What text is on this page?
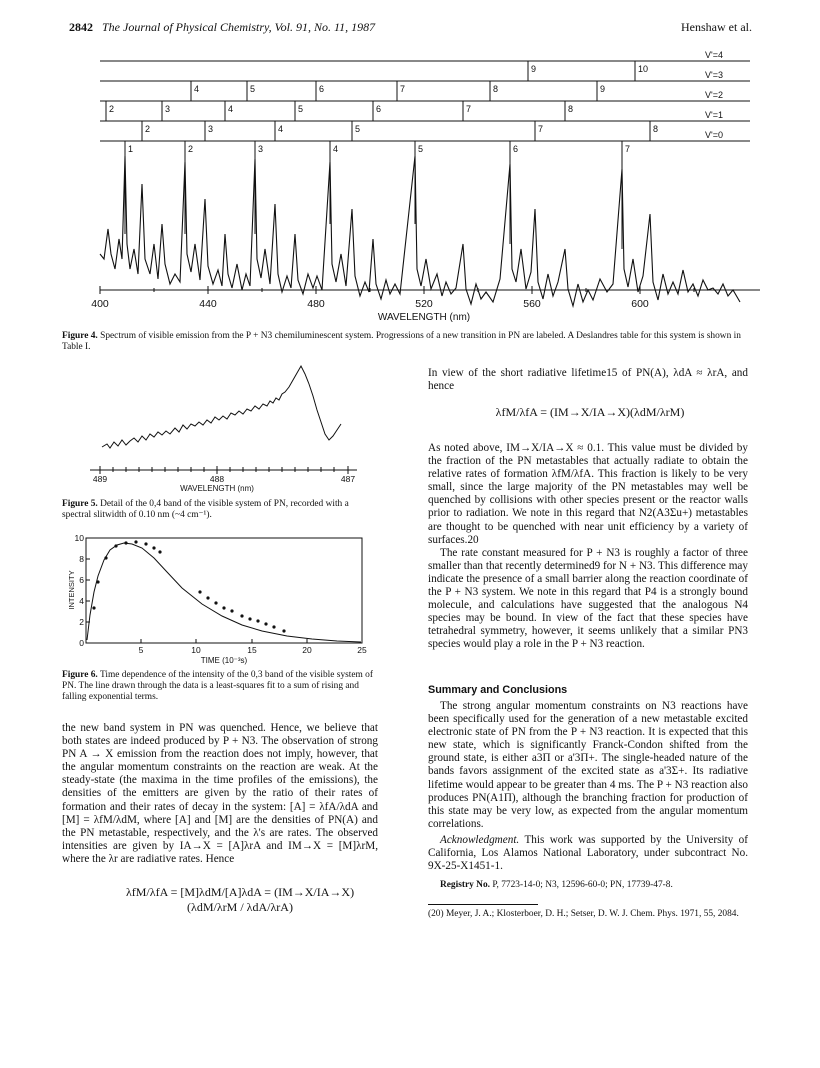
2842 The Journal of Physical Chemistry, Vol. 91, No. 11, 1987	Henshaw et al.
V'=4
V'=3
V'=2
V'=1
V'=0
9	10
4	5	6	7	8	9
2	3	4	5	6	7	8
2	3	4	5	7	8
1	2	3	4	5	6	7
400	440	480	520	560	600
WAVELENGTH (nm)
Figure 4. Spectrum of visible emission from the P + N3 chemiluminescent system. Progressions of a new transition in PN are labeled. A Deslandres table for this system is shown in Table I.
489	488	487
WAVELENGTH (nm)
Figure 5. Detail of the 0,4 band of the visible system of PN, recorded with a spectral slitwidth of 0.10 nm (~4 cm⁻¹).
10
8
6
4
2
0
5	10	15	20	25
TIME (10⁻³s)
INTENSITY
Figure 6. Time dependence of the intensity of the 0,3 band of the visible system of PN. The line drawn through the data is a least-squares fit to a sum of rising and falling exponential terms.

the new band system in PN was quenched. Hence, we believe that both states are indeed produced by P + N3. The observation of strong PN A → X emission from the reaction does not imply, however, that the angular momentum constraints on the reaction are weak. At the steady-state (the maxima in the time profiles of the emissions), the densities of the emitters are given by the ratio of their rates of formation and their rates of decay in the system: [A] = λfA/λdA and [M] = λfM/λdM, where [A] and [M] are the densities of PN(A) and the PN metastable, respectively, and the λ's are rates. The observed intensities are given by IA→X = [A]λrA and IM→X = [M]λrM, where the λr are radiative rates. Hence

λfM/λfA = [M]λdM/[A]λdA = (IM→X/IA→X)(λdM/λrM / λdA/λrA)

In view of the short radiative lifetime15 of PN(A), λdA ≈ λrA, and hence

λfM/λfA = (IM→X/IA→X)(λdM/λrM)

As noted above, IM→X/IA→X ≈ 0.1. This value must be divided by the fraction of the PN metastables that actually radiate to obtain the relative rates of formation λfM/λfA. This fraction is likely to be very small, since the large majority of the PN metastables may well be quenched by collisions with other species present or the reactor walls prior to radiation. We note in this regard that N2(A3Σu+) metastables are thought to be quenched with near unit efficiency by a variety of surfaces.20

The rate constant measured for P + N3 is roughly a factor of three smaller than that recently determined9 for N + N3. This difference may indicate the presence of a small barrier along the reaction coordinate of the P + N3 system. We note in this regard that P4 is a strongly bound molecule, and calculations have suggested that the analogous N4 species may be bound. In view of the fact that these species have tetrahedral symmetry, however, it seems unlikely that a similar PN3 species would play a role in the P + N3 reaction.

Summary and Conclusions

The strong angular momentum constraints on N3 reactions have been specifically used for the generation of a new metastable excited electronic state of PN from the P + N3 reaction. It is expected that this new state, which is significantly Franck-Condon shifted from the ground state, is either a3Π or a'3Π+. The single-headed nature of the bands favors assignment of the excited state as a'3Σ+. Its radiative lifetime would appear to be greater than 4 ms. The P + N3 reaction also produces PN(A1Π), although the branching fraction for production of this state may be very low, as expected from the angular momentum correlations.

Acknowledgment. This work was supported by the University of California, Los Alamos National Laboratory, under subcontract No. 9X-25-X1451-1.

Registry No. P, 7723-14-0; N3, 12596-60-0; PN, 17739-47-8.
(20) Meyer, J. A.; Klosterboer, D. H.; Setser, D. W. J. Chem. Phys. 1971, 55, 2084.
